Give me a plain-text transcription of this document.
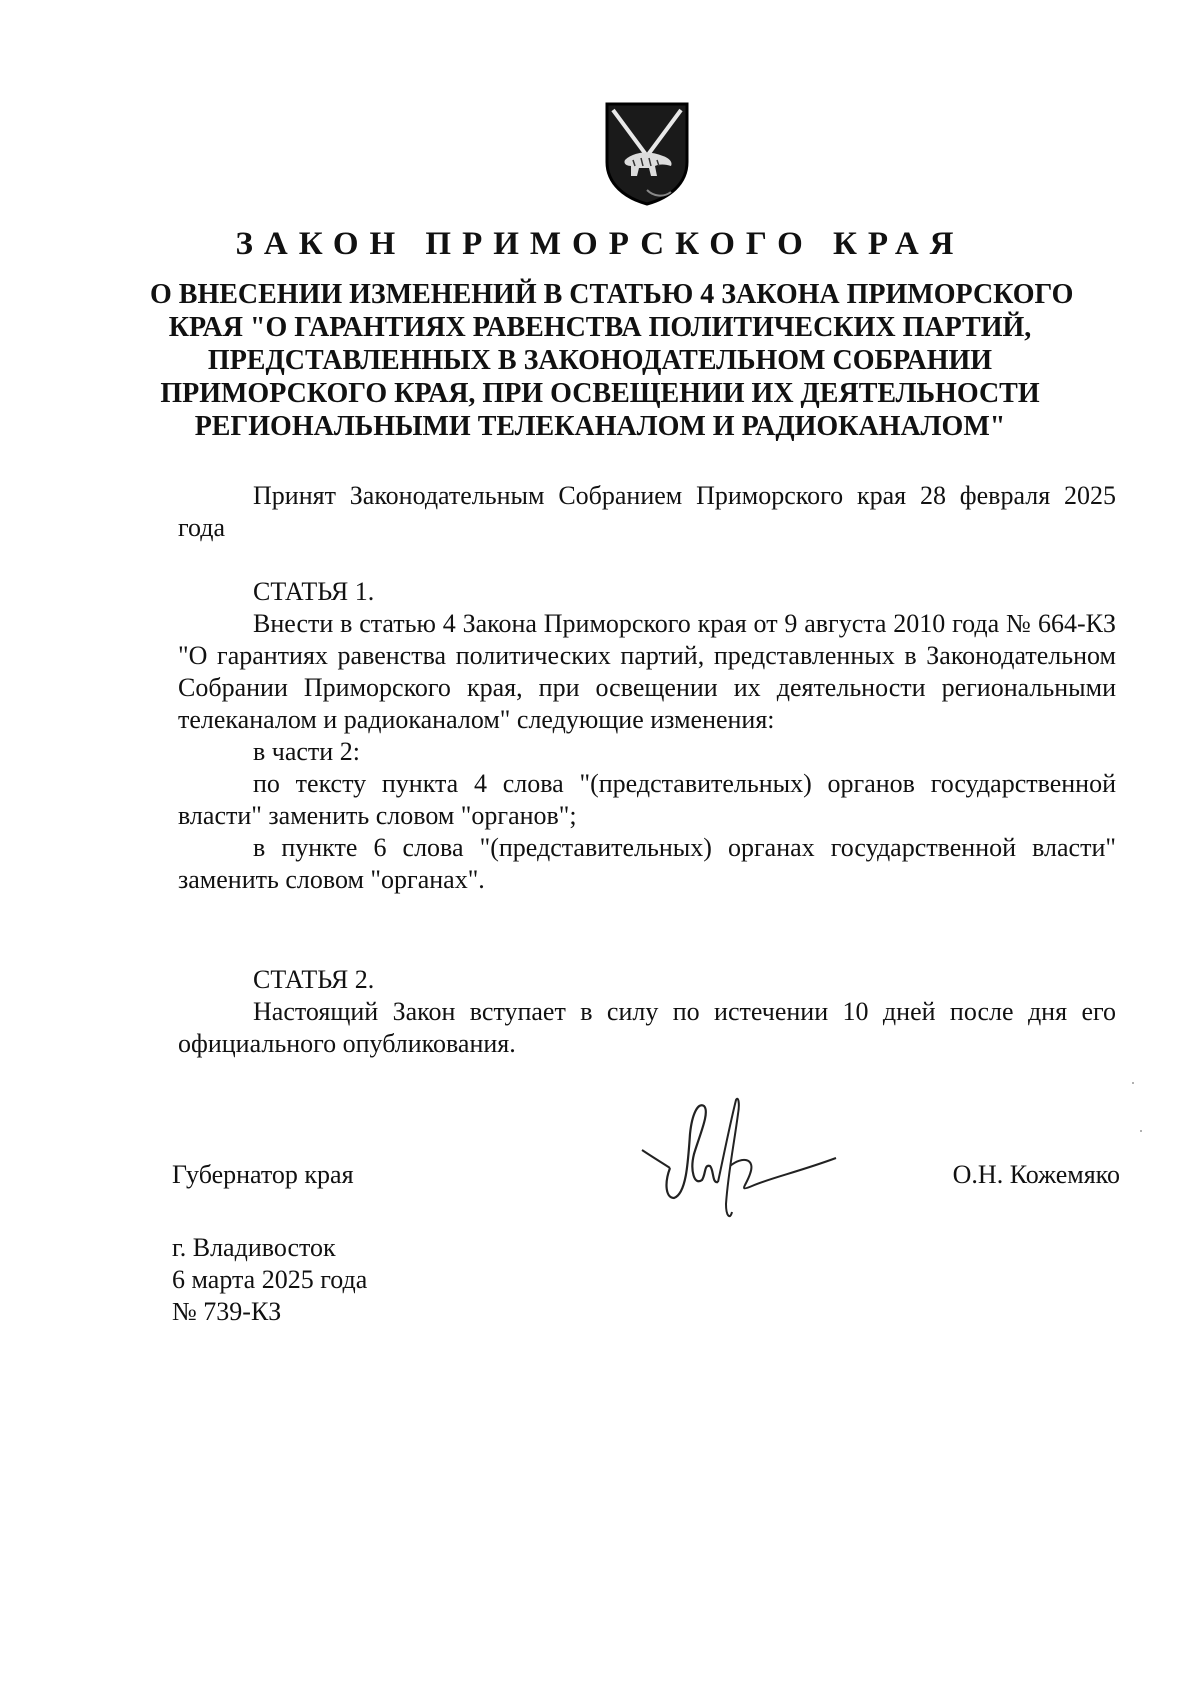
ЗАКОН ПРИМОРСКОГО КРАЯ
О ВНЕСЕНИИ ИЗМЕНЕНИЙ В СТАТЬЮ 4 ЗАКОНА ПРИМОРСКОГО
КРАЯ "О ГАРАНТИЯХ РАВЕНСТВА ПОЛИТИЧЕСКИХ ПАРТИЙ,
ПРЕДСТАВЛЕННЫХ В ЗАКОНОДАТЕЛЬНОМ СОБРАНИИ
ПРИМОРСКОГО КРАЯ, ПРИ ОСВЕЩЕНИИ ИХ ДЕЯТЕЛЬНОСТИ
РЕГИОНАЛЬНЫМИ ТЕЛЕКАНАЛОМ И РАДИОКАНАЛОМ"

Принят Законодательным Собранием Приморского края 28 февраля 2025 года

СТАТЬЯ 1.

Внести в статью 4 Закона Приморского края от 9 августа 2010 года № 664-КЗ "О гарантиях равенства политических партий, представленных в Законодательном Собрании Приморского края, при освещении их деятельности региональными телеканалом и радиоканалом" следующие изменения:

в части 2:

по тексту пункта 4 слова "(представительных) органов государственной власти" заменить словом "органов";

в пункте 6 слова "(представительных) органах государственной власти" заменить словом "органах".

СТАТЬЯ 2.

Настоящий Закон вступает в силу по истечении 10 дней после дня его официального опубликования.

Губернатор края	О.Н. Кожемяко
г. Владивосток
6 марта 2025 года
№ 739-КЗ
